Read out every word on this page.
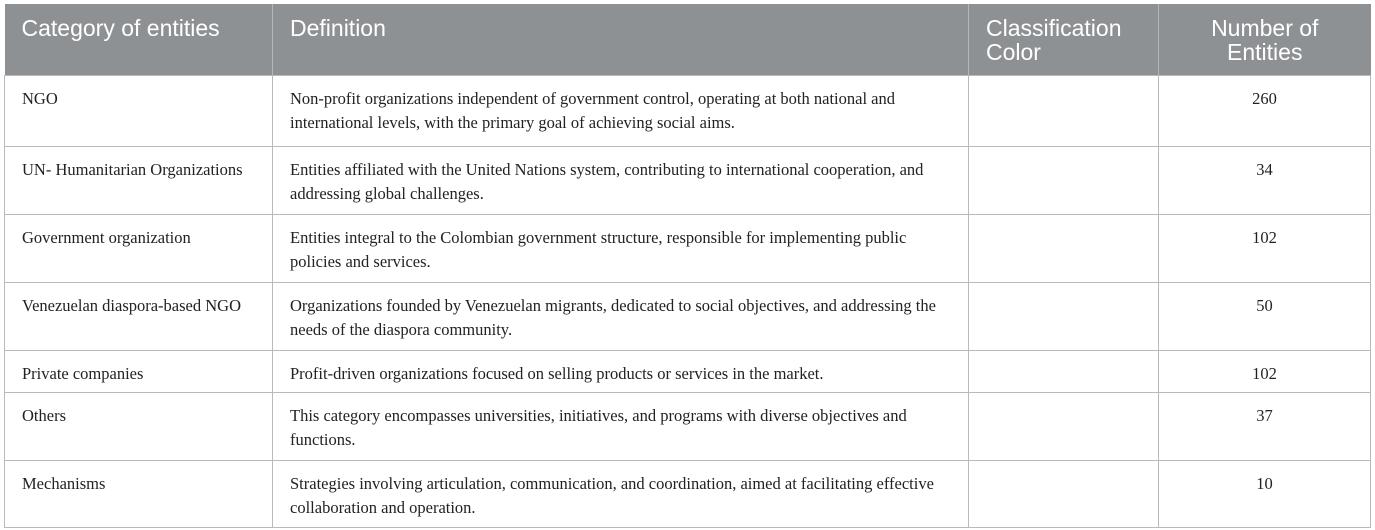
Category of entities	Definition	Classification Color	Number of Entities
NGO	Non-profit organizations independent of government control, operating at both national and international levels, with the primary goal of achieving social aims.		260
UN- Humanitarian Organizations	Entities affiliated with the United Nations system, contributing to international cooperation, and addressing global challenges.		34
Government organization	Entities integral to the Colombian government structure, responsible for implementing public policies and services.		102
Venezuelan diaspora-based NGO	Organizations founded by Venezuelan migrants, dedicated to social objectives, and addressing the needs of the diaspora community.		50
Private companies	Profit-driven organizations focused on selling products or services in the market.		102
Others	This category encompasses universities, initiatives, and programs with diverse objectives and functions.		37
Mechanisms	Strategies involving articulation, communication, and coordination, aimed at facilitating effective collaboration and operation.		10
